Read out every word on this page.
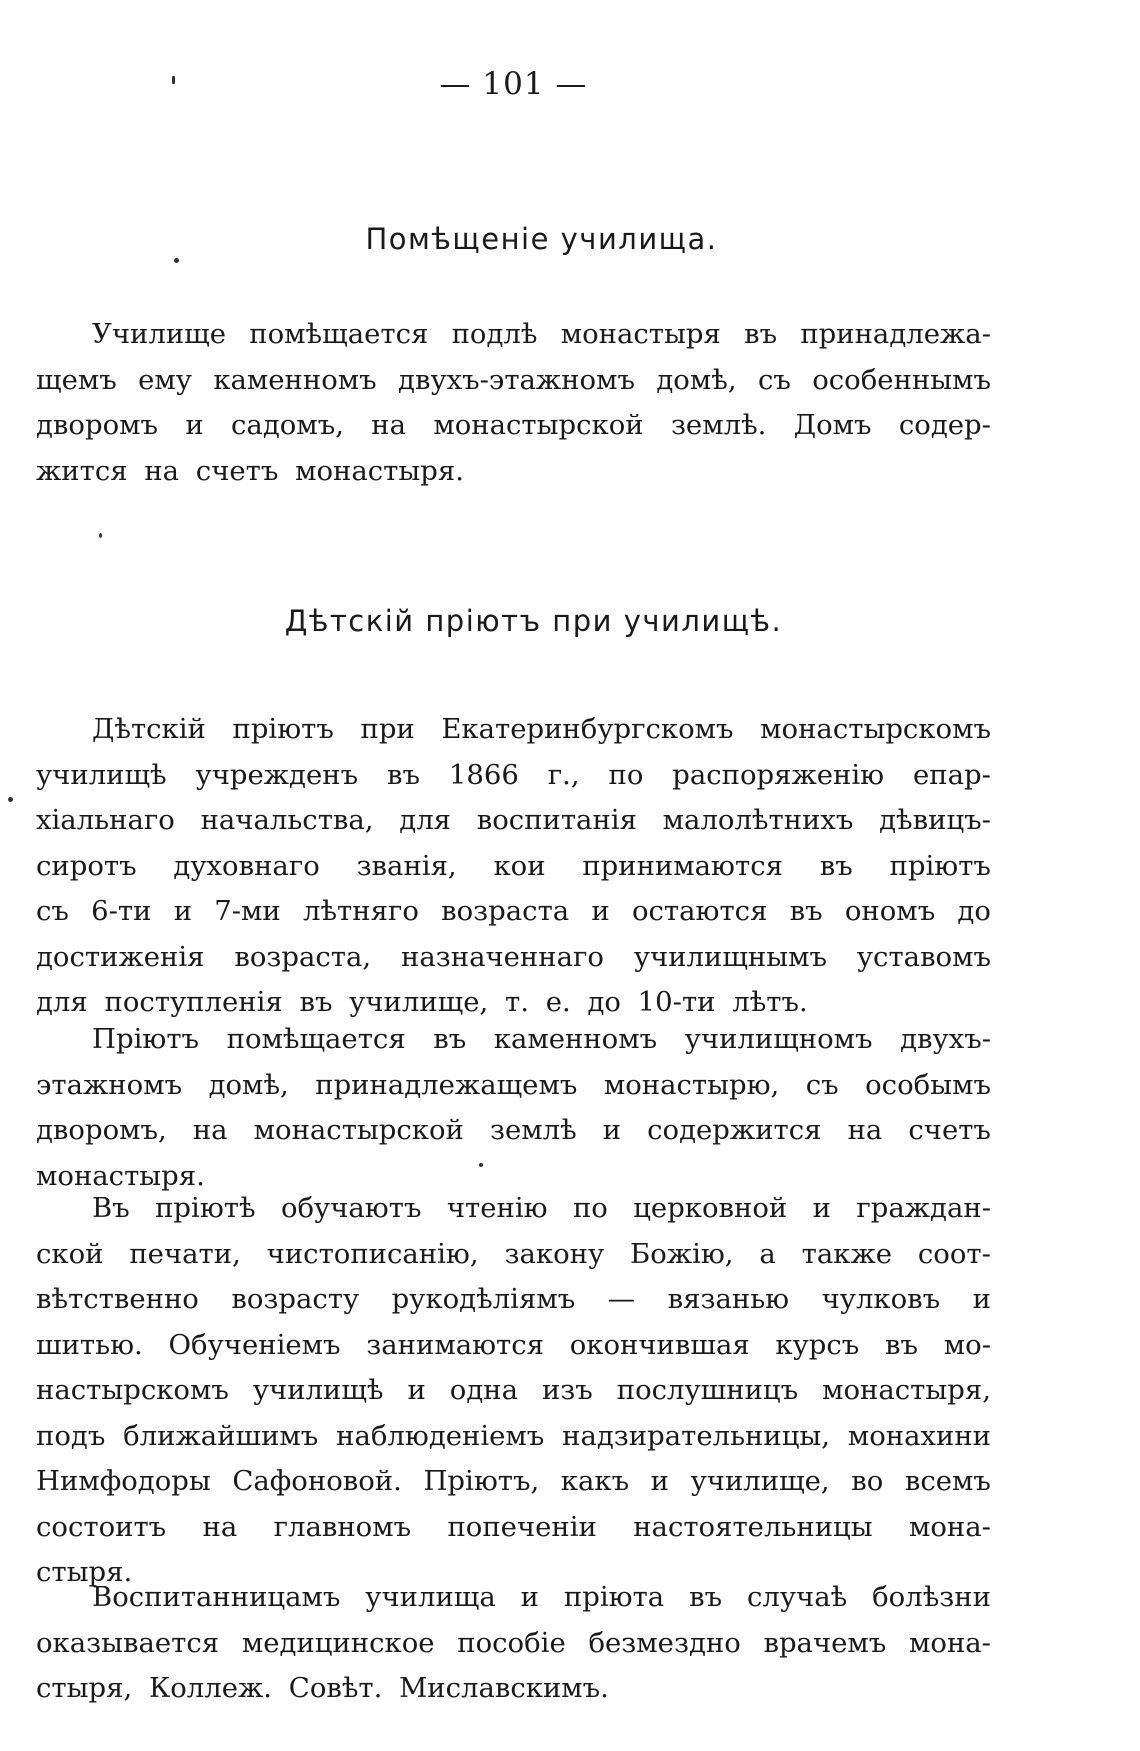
— 101 —
Помѣщеніе училища.
Училище помѣщается подлѣ монастыря въ принадлежа-
щемъ ему каменномъ двухъ-этажномъ домѣ, съ особеннымъ
дворомъ и садомъ, на монастырской землѣ. Домъ содер-
жится на счетъ монастыря.
Дѣтскій пріютъ при училищѣ.
Дѣтскій пріютъ при Екатеринбургскомъ монастырскомъ
училищѣ учрежденъ въ 1866 г., по распоряженію епар-
хіальнаго начальства, для воспитанія малолѣтнихъ дѣвицъ-
сиротъ духовнаго званія, кои принимаются въ пріютъ
съ 6-ти и 7-ми лѣтняго возраста и остаются въ ономъ до
достиженія возраста, назначеннаго училищнымъ уставомъ
для поступленія въ училище, т. е. до 10-ти лѣтъ.
Пріютъ помѣщается въ каменномъ училищномъ двухъ-
этажномъ домѣ, принадлежащемъ монастырю, съ особымъ
дворомъ, на монастырской землѣ и содержится на счетъ
монастыря.
Въ пріютѣ обучаютъ чтенію по церковной и граждан-
ской печати, чистописанію, закону Божію, а также соот-
вѣтственно возрасту рукодѣліямъ — вязанью чулковъ и
шитью. Обученіемъ занимаются окончившая курсъ въ мо-
настырскомъ училищѣ и одна изъ послушницъ монастыря,
подъ ближайшимъ наблюденіемъ надзирательницы, монахини
Нимфодоры Сафоновой. Пріютъ, какъ и училище, во всемъ
состоитъ на главномъ попеченіи настоятельницы мона-
стыря.
Воспитанницамъ училища и пріюта въ случаѣ болѣзни
оказывается медицинское пособіе безмездно врачемъ мона-
стыря, Коллеж. Совѣт. Миславскимъ.
